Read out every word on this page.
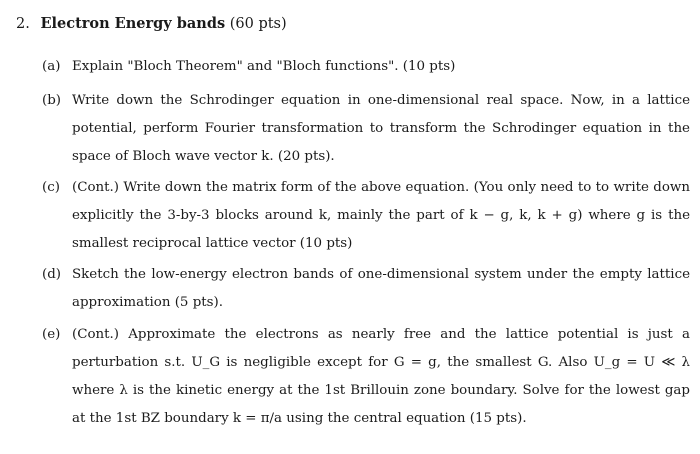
2. Electron Energy bands (60 pts)
(a) Explain "Bloch Theorem" and "Bloch functions". (10 pts)
(b) Write down the Schrodinger equation in one-dimensional real space. Now, in a lattice potential, perform Fourier transformation to transform the Schrodinger equation in the space of Bloch wave vector k. (20 pts).
(c) (Cont.) Write down the matrix form of the above equation. (You only need to to write down explicitly the 3-by-3 blocks around k, mainly the part of k − g, k, k + g) where g is the smallest reciprocal lattice vector (10 pts)
(d) Sketch the low-energy electron bands of one-dimensional system under the empty lattice approximation (5 pts).
(e) (Cont.) Approximate the electrons as nearly free and the lattice potential is just a perturbation s.t. U_G is negligible except for G = g, the smallest G. Also U_g = U ≪ λ where λ is the kinetic energy at the 1st Brillouin zone boundary. Solve for the lowest gap at the 1st BZ boundary k = π/a using the central equation (15 pts).
